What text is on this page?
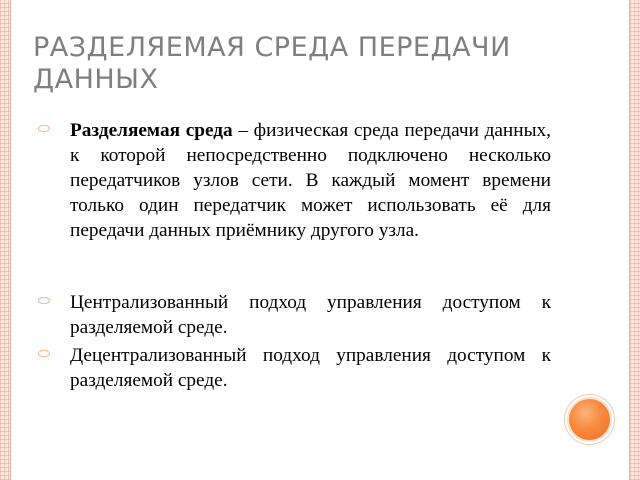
РАЗДЕЛЯЕМАЯ СРЕДА ПЕРЕДАЧИ ДАННЫХ
⬭ Разделяемая среда – физическая среда передачи данных, к которой непосредственно подключено несколько передатчиков узлов сети. В каждый момент времени только один передатчик может использовать её для передачи данных приёмнику другого узла.
⬭ Централизованный подход управления доступом к разделяемой среде.
⬭ Децентрализованный подход управления доступом к разделяемой среде.
